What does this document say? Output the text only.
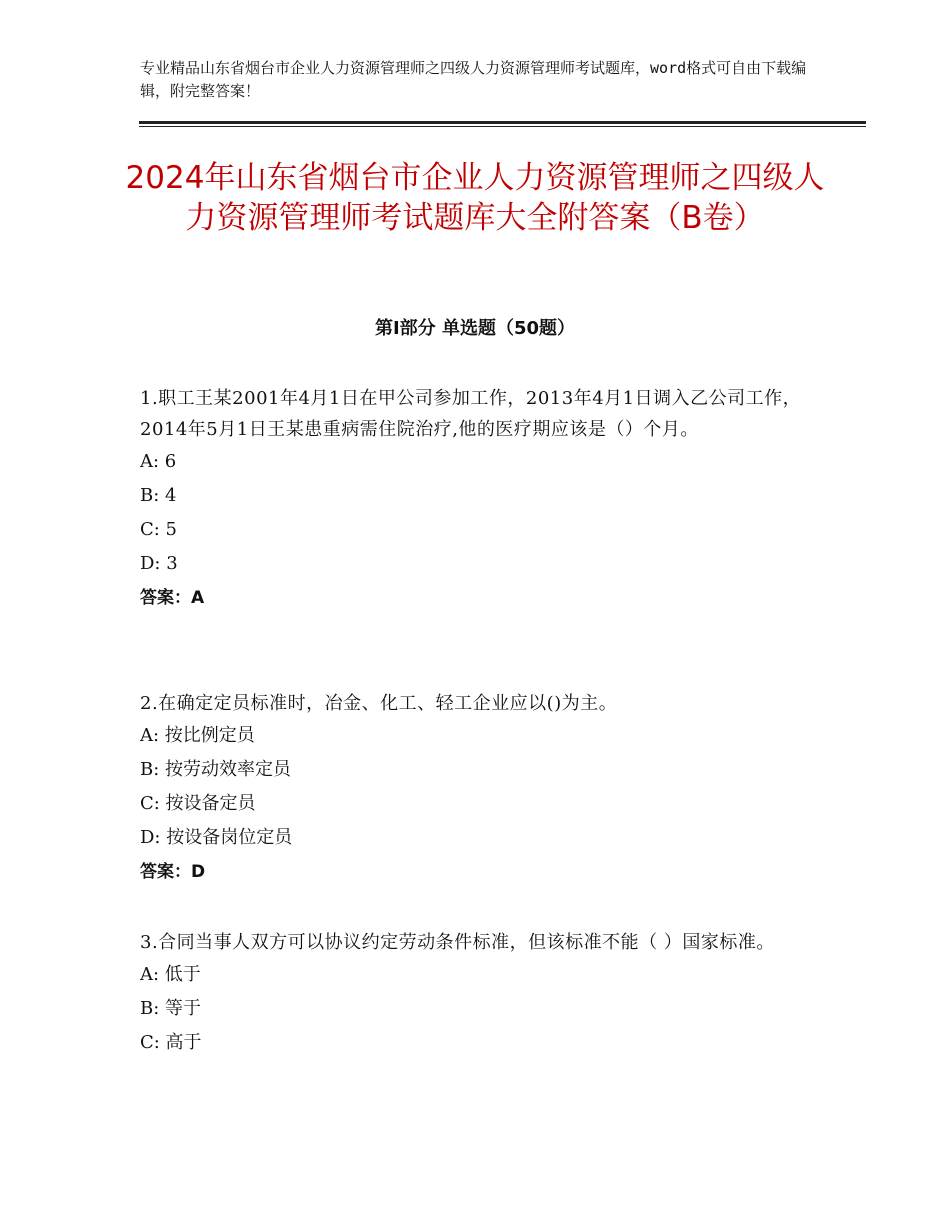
专业精品山东省烟台市企业人力资源管理师之四级人力资源管理师考试题库，word格式可自由下载编辑，附完整答案！
2024年山东省烟台市企业人力资源管理师之四级人力资源管理师考试题库大全附答案（B卷）
第Ⅰ部分 单选题（50题）
1.职工王某2001年4月1日在甲公司参加工作，2013年4月1日调入乙公司工作，2014年5月1日王某患重病需住院治疗,他的医疗期应该是（）个月。
A: 6
B: 4
C: 5
D: 3
答案：A
2.在确定定员标准时，冶金、化工、轻工企业应以()为主。
A: 按比例定员
B: 按劳动效率定员
C: 按设备定员
D: 按设备岗位定员
答案：D
3.合同当事人双方可以协议约定劳动条件标准，但该标准不能（ ）国家标准。
A: 低于
B: 等于
C: 高于
